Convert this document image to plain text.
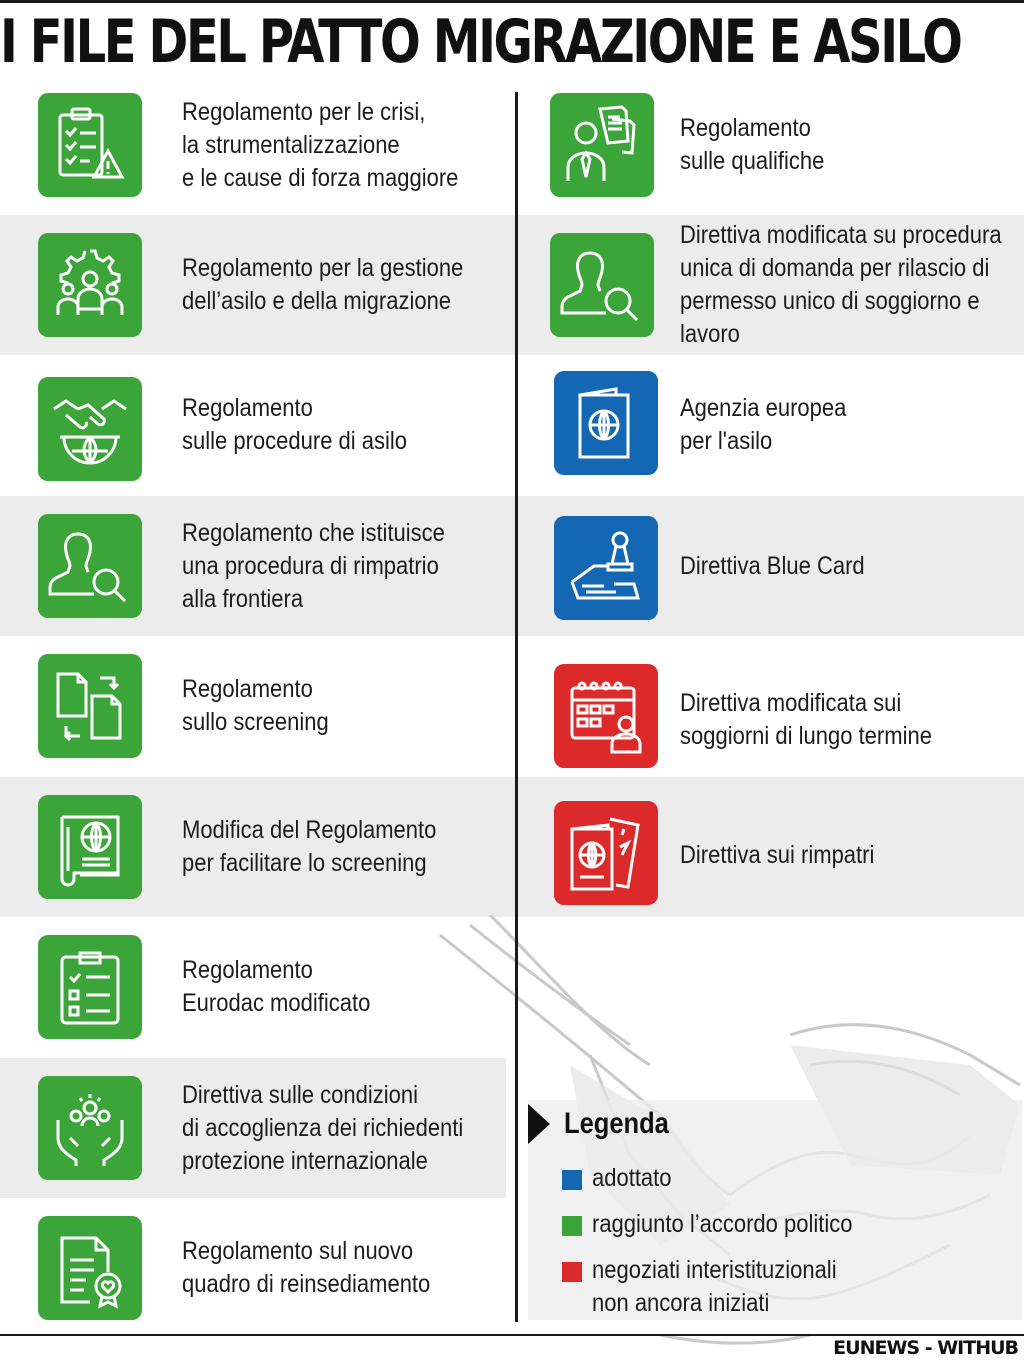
I FILE DEL PATTO MIGRAZIONE E ASILO
Regolamento per le crisi,
la strumentalizzazione
e le cause di forza maggiore
Regolamento per la gestione
dell’asilo e della migrazione
Regolamento
sulle procedure di asilo
Regolamento che istituisce
una procedura di rimpatrio
alla frontiera
Regolamento
sullo screening
Modifica del Regolamento
per facilitare lo screening
Regolamento
Eurodac modificato
Direttiva sulle condizioni
di accoglienza dei richiedenti
protezione internazionale
Regolamento sul nuovo
quadro di reinsediamento
Regolamento
sulle qualifiche
Direttiva modificata su procedura
unica di domanda per rilascio di
permesso unico di soggiorno e lavoro
Agenzia europea
per l'asilo
Direttiva Blue Card
Direttiva modificata sui
soggiorni di lungo termine
Direttiva sui rimpatri
Legenda
adottato
raggiunto l’accordo politico
negoziati interistituzionali
non ancora iniziati
EUNEWS - WITHUB
